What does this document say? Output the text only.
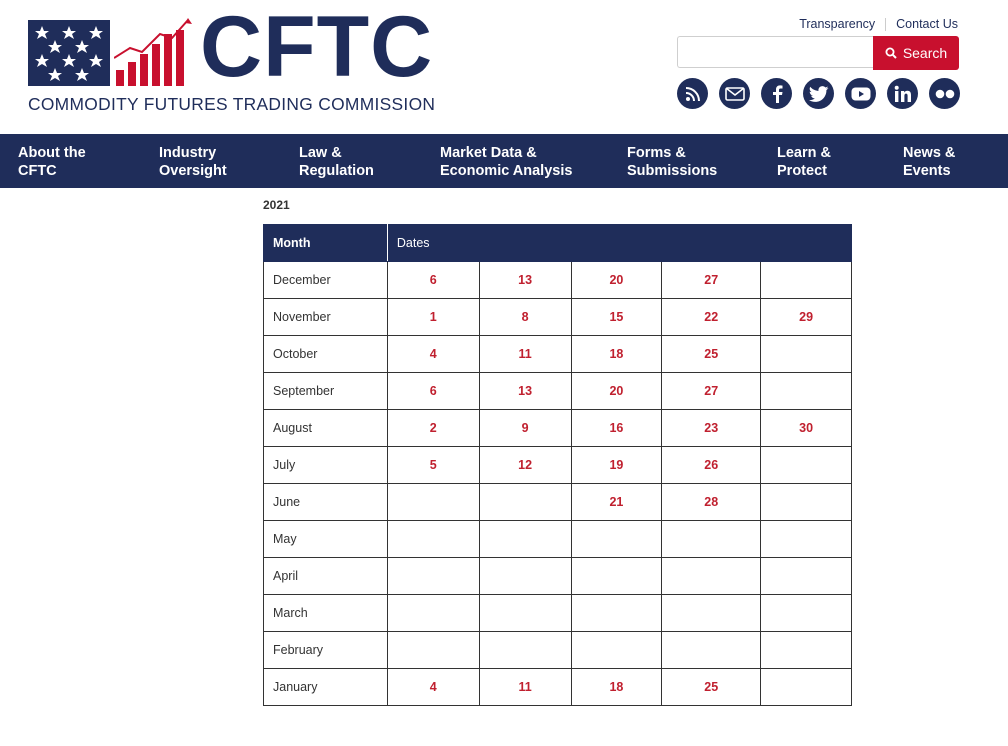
CFTC
COMMODITY FUTURES TRADING COMMISSION
Transparency Contact Us
Search
About the
CFTC
Industry
Oversight
Law &
Regulation
Market Data &
Economic Analysis
Forms &
Submissions
Learn &
Protect
News &
Events
2021
Month	Dates				
December	6	13	20	27	
November	1	8	15	22	29
October	4	11	18	25	
September	6	13	20	27	
August	2	9	16	23	30
July	5	12	19	26	
June			21	28	
May					
April					
March					
February					
January	4	11	18	25	
